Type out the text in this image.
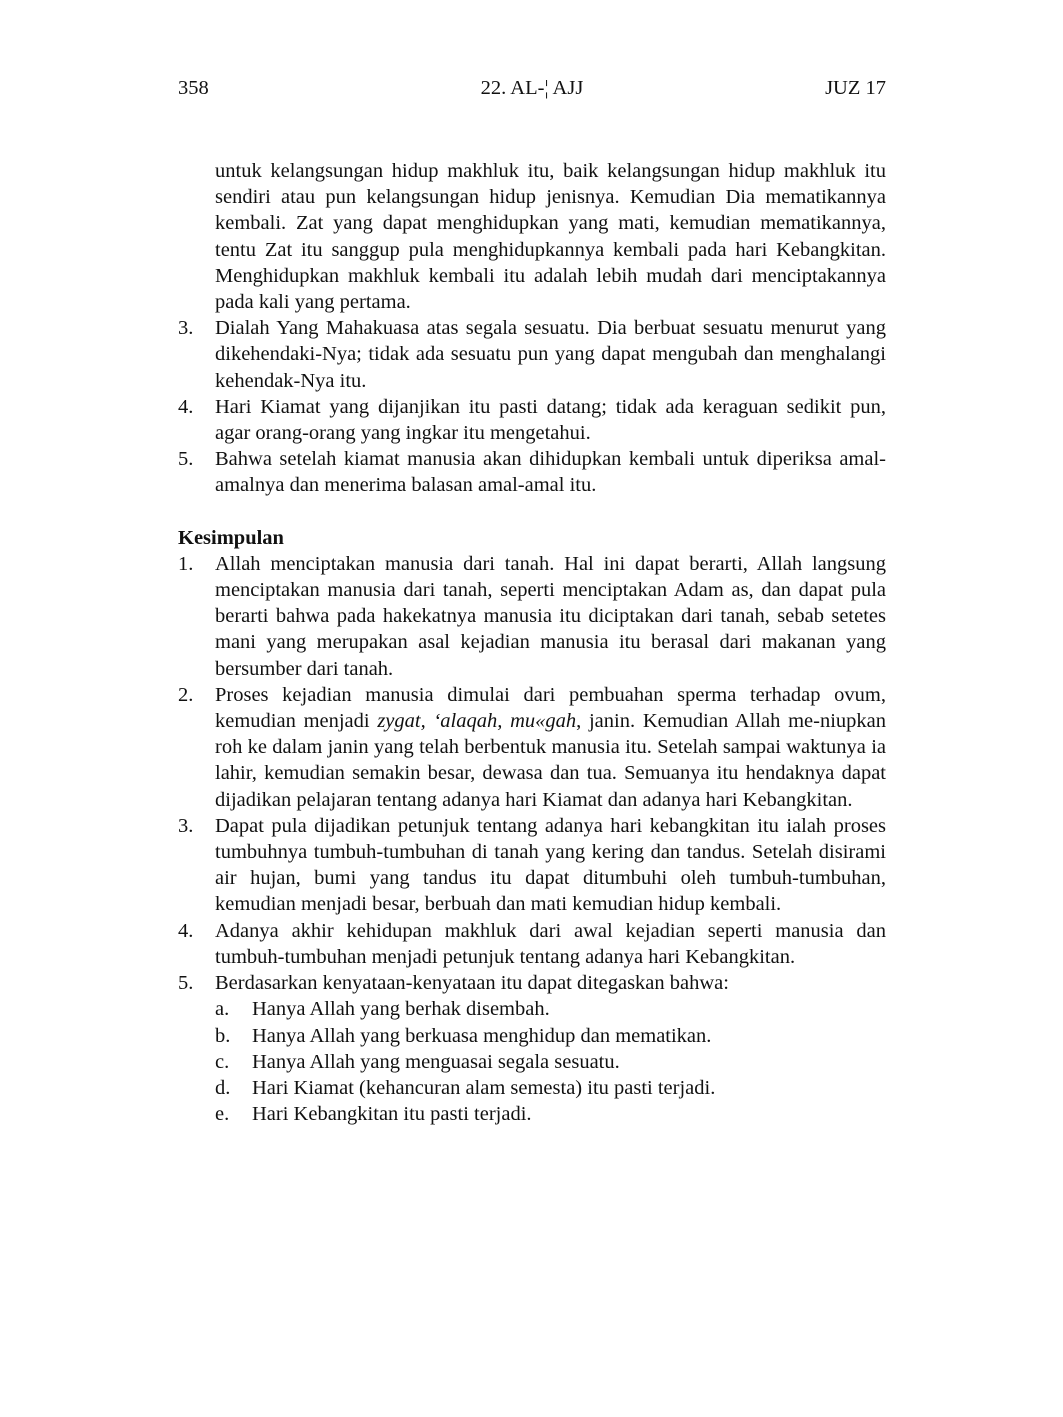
358	22. AL-¦ AJJ	JUZ 17

untuk kelangsungan hidup makhluk itu, baik kelangsungan hidup makhluk itu sendiri atau pun kelangsungan hidup jenisnya. Kemudian Dia mematikannya kembali. Zat yang dapat menghidupkan yang mati, kemudian mematikannya, tentu Zat itu sanggup pula menghidupkannya kembali pada hari Kebangkitan. Menghidupkan makhluk kembali itu adalah lebih mudah dari menciptakannya pada kali yang pertama.

3. Dialah Yang Mahakuasa atas segala sesuatu. Dia berbuat sesuatu menurut yang dikehendaki-Nya; tidak ada sesuatu pun yang dapat mengubah dan menghalangi kehendak-Nya itu.
4. Hari Kiamat yang dijanjikan itu pasti datang; tidak ada keraguan sedikit pun, agar orang-orang yang ingkar itu mengetahui.
5. Bahwa setelah kiamat manusia akan dihidupkan kembali untuk diperiksa amal-amalnya dan menerima balasan amal-amal itu.
Kesimpulan
1. Allah menciptakan manusia dari tanah. Hal ini dapat berarti, Allah langsung menciptakan manusia dari tanah, seperti menciptakan Adam as, dan dapat pula berarti bahwa pada hakekatnya manusia itu diciptakan dari tanah, sebab setetes mani yang merupakan asal kejadian manusia itu berasal dari makanan yang bersumber dari tanah.
2. Proses kejadian manusia dimulai dari pembuahan sperma terhadap ovum, kemudian menjadi zygat, ‘alaqah, mu«gah, janin. Kemudian Allah me-niupkan roh ke dalam janin yang telah berbentuk manusia itu. Setelah sampai waktunya ia lahir, kemudian semakin besar, dewasa dan tua. Semuanya itu hendaknya dapat dijadikan pelajaran tentang adanya hari Kiamat dan adanya hari Kebangkitan.
3. Dapat pula dijadikan petunjuk tentang adanya hari kebangkitan itu ialah proses tumbuhnya tumbuh-tumbuhan di tanah yang kering dan tandus. Setelah disirami air hujan, bumi yang tandus itu dapat ditumbuhi oleh tumbuh-tumbuhan, kemudian menjadi besar, berbuah dan mati kemudian hidup kembali.
4. Adanya akhir kehidupan makhluk dari awal kejadian seperti manusia dan tumbuh-tumbuhan menjadi petunjuk tentang adanya hari Kebangkitan.
5. Berdasarkan kenyataan-kenyataan itu dapat ditegaskan bahwa:
a. Hanya Allah yang berhak disembah.
b. Hanya Allah yang berkuasa menghidup dan mematikan.
c. Hanya Allah yang menguasai segala sesuatu.
d. Hari Kiamat (kehancuran alam semesta) itu pasti terjadi.
e. Hari Kebangkitan itu pasti terjadi.
